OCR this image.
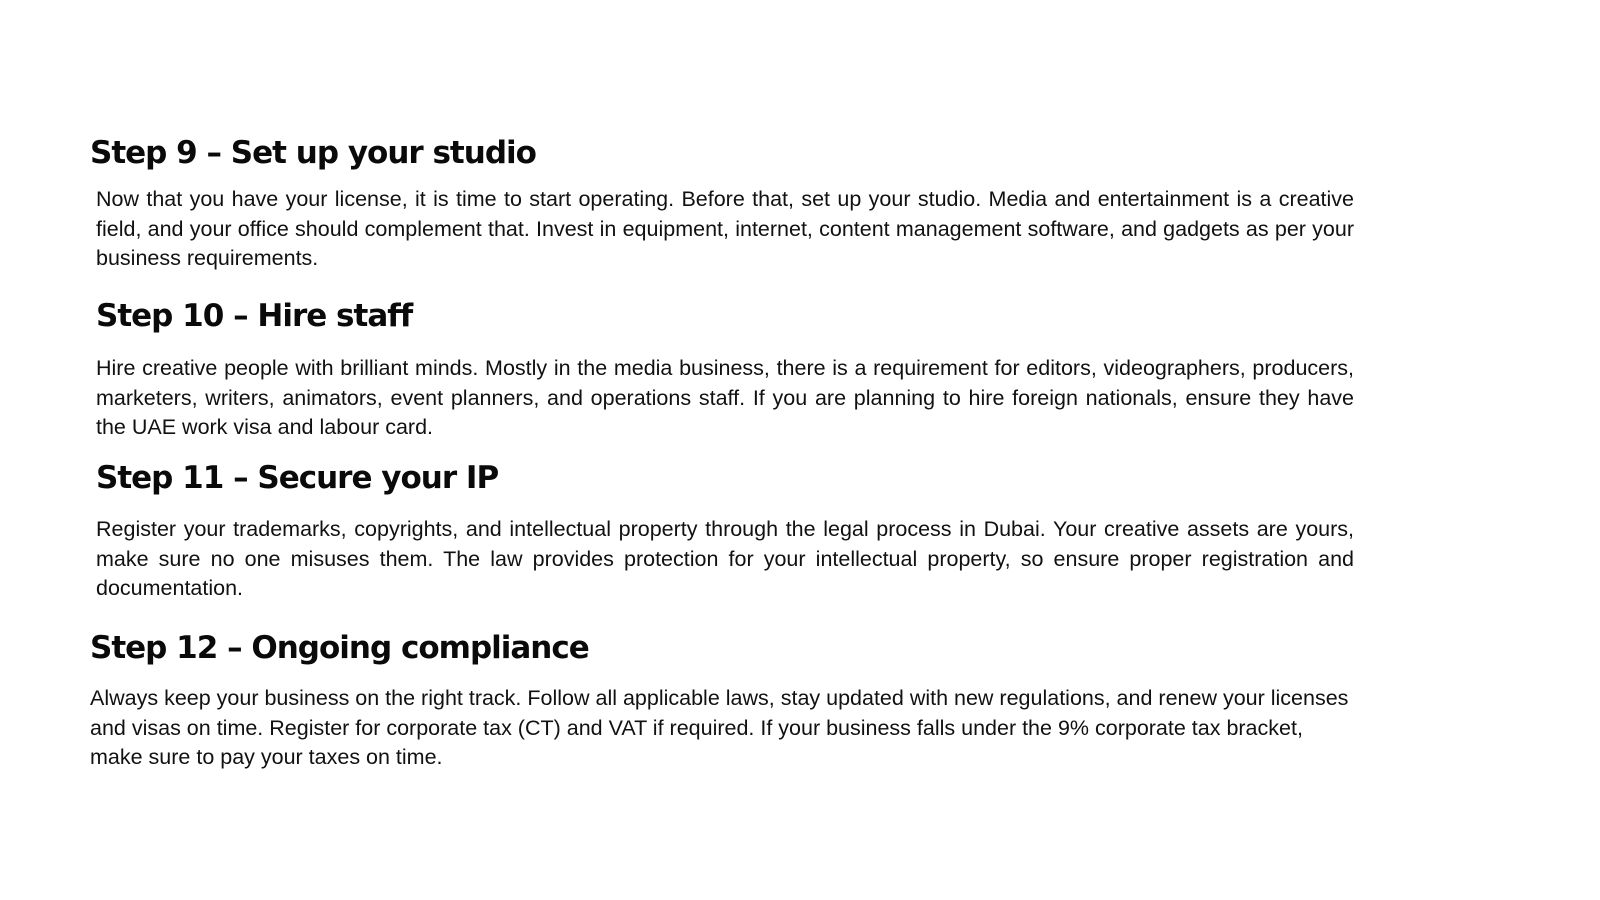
Step 9 – Set up your studio

Now that you have your license, it is time to start operating. Before that, set up your studio. Media and entertainment is a creative field, and your office should complement that. Invest in equipment, internet, content management software, and gadgets as per your business requirements.

Step 10 – Hire staff

Hire creative people with brilliant minds. Mostly in the media business, there is a requirement for editors, videographers, producers, marketers, writers, animators, event planners, and operations staff. If you are planning to hire foreign nationals, ensure they have the UAE work visa and labour card.

Step 11 – Secure your IP

Register your trademarks, copyrights, and intellectual property through the legal process in Dubai. Your creative assets are yours, make sure no one misuses them. The law provides protection for your intellectual property, so ensure proper registration and documentation.

Step 12 – Ongoing compliance

Always keep your business on the right track. Follow all applicable laws, stay updated with new regulations, and renew your licenses and visas on time. Register for corporate tax (CT) and VAT if required. If your business falls under the 9% corporate tax bracket, make sure to pay your taxes on time.
